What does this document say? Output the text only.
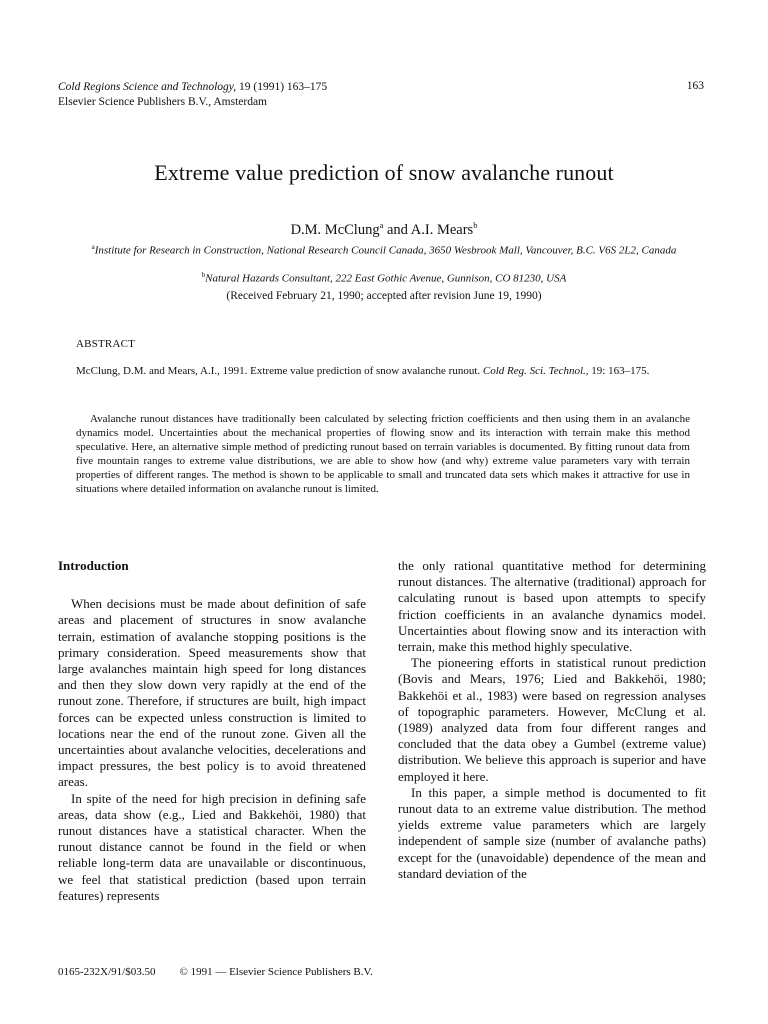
Cold Regions Science and Technology, 19 (1991) 163–175
Elsevier Science Publishers B.V., Amsterdam
163
Extreme value prediction of snow avalanche runout
D.M. McClung$^a$ and A.I. Mears$^b$
$^a$Institute for Research in Construction, National Research Council Canada, 3650 Wesbrook Mall, Vancouver, B.C. V6S 2L2, Canada
$^b$Natural Hazards Consultant, 222 East Gothic Avenue, Gunnison, CO 81230, USA
(Received February 21, 1990; accepted after revision June 19, 1990)
ABSTRACT
McClung, D.M. and Mears, A.I., 1991. Extreme value prediction of snow avalanche runout. Cold Reg. Sci. Technol., 19: 163–175.

Avalanche runout distances have traditionally been calculated by selecting friction coefficients and then using them in an avalanche dynamics model. Uncertainties about the mechanical properties of flowing snow and its interaction with terrain make this method speculative. Here, an alternative simple method of predicting runout based on terrain variables is documented. By fitting runout data from five mountain ranges to extreme value distributions, we are able to show how (and why) extreme value parameters vary with terrain properties of different ranges. The method is shown to be applicable to small and truncated data sets which makes it attractive for use in situations where detailed information on avalanche runout is limited.

Introduction

When decisions must be made about definition of safe areas and placement of structures in snow avalanche terrain, estimation of avalanche stopping positions is the primary consideration. Speed measurements show that large avalanches maintain high speed for long distances and then they slow down very rapidly at the end of the runout zone. Therefore, if structures are built, high impact forces can be expected unless construction is limited to locations near the end of the runout zone. Given all the uncertainties about avalanche velocities, decelerations and impact pressures, the best policy is to avoid threatened areas.

In spite of the need for high precision in defining safe areas, data show (e.g., Lied and Bakkehöi, 1980) that runout distances have a statistical character. When the runout distance cannot be found in the field or when reliable long-term data are unavailable or discontinuous, we feel that statistical prediction (based upon terrain features) represents

the only rational quantitative method for determining runout distances. The alternative (traditional) approach for calculating runout is based upon attempts to specify friction coefficients in an avalanche dynamics model. Uncertainties about flowing snow and its interaction with terrain, make this method highly speculative.

The pioneering efforts in statistical runout prediction (Bovis and Mears, 1976; Lied and Bakkehöi, 1980; Bakkehöi et al., 1983) were based on regression analyses of topographic parameters. However, McClung et al. (1989) analyzed data from four different ranges and concluded that the data obey a Gumbel (extreme value) distribution. We believe this approach is superior and have employed it here.

In this paper, a simple method is documented to fit runout data to an extreme value distribution. The method yields extreme value parameters which are largely independent of sample size (number of avalanche paths) except for the (unavoidable) dependence of the mean and standard deviation of the

0165-232X/91/$03.50 © 1991 — Elsevier Science Publishers B.V.
